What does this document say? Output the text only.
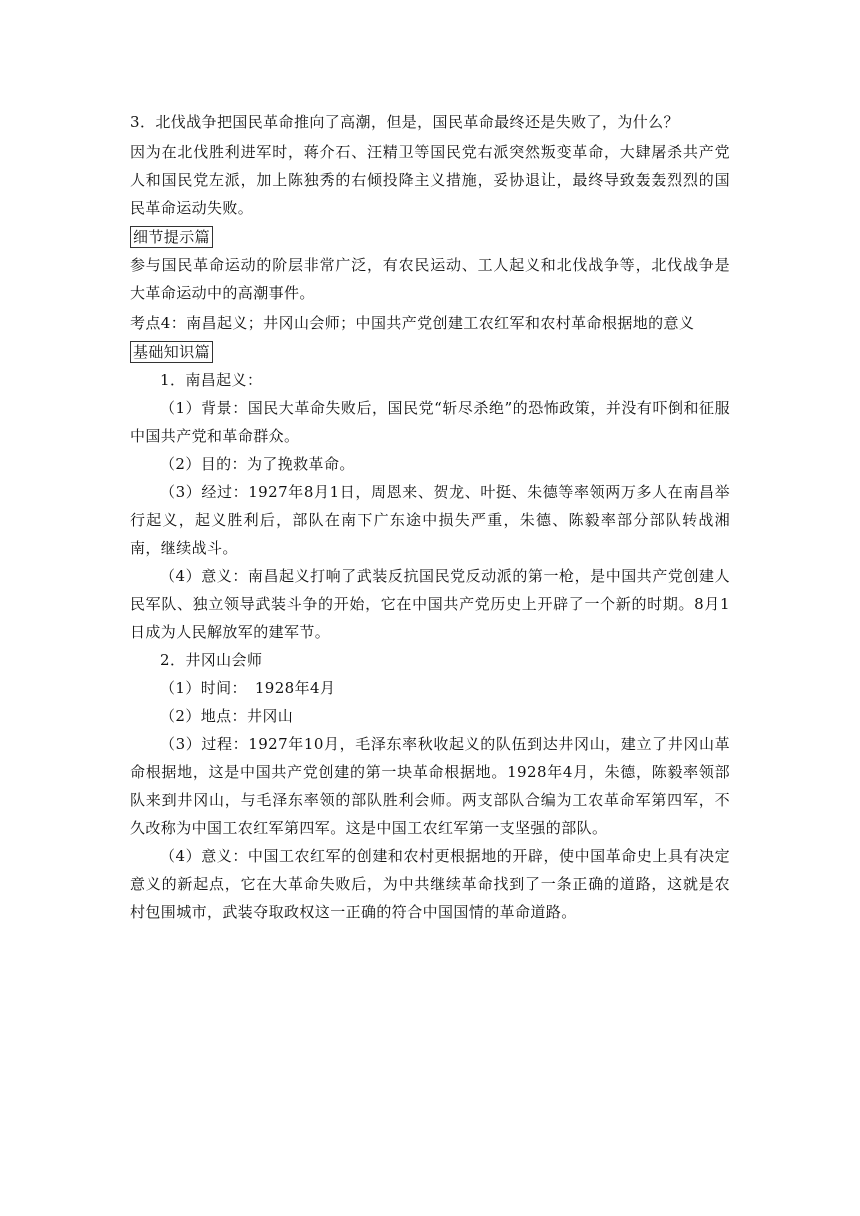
3．北伐战争把国民革命推向了高潮，但是，国民革命最终还是失败了，为什么？

因为在北伐胜利进军时，蒋介石、汪精卫等国民党右派突然叛变革命，大肆屠杀共产党人和国民党左派，加上陈独秀的右倾投降主义措施，妥协退让，最终导致轰轰烈烈的国民革命运动失败。

细节提示篇

参与国民革命运动的阶层非常广泛，有农民运动、工人起义和北伐战争等，北伐战争是大革命运动中的高潮事件。

考点4：南昌起义；井冈山会师；中国共产党创建工农红军和农村革命根据地的意义

基础知识篇

1．南昌起义：

（1）背景：国民大革命失败后，国民党“斩尽杀绝”的恐怖政策，并没有吓倒和征服中国共产党和革命群众。

（2）目的：为了挽救革命。

（3）经过：1927年8月1日，周恩来、贺龙、叶挺、朱德等率领两万多人在南昌举行起义，起义胜利后，部队在南下广东途中损失严重，朱德、陈毅率部分部队转战湘南，继续战斗。

（4）意义：南昌起义打响了武装反抗国民党反动派的第一枪，是中国共产党创建人民军队、独立领导武装斗争的开始，它在中国共产党历史上开辟了一个新的时期。8月1日成为人民解放军的建军节。

2．井冈山会师

（1）时间：　1928年4月

（2）地点：井冈山

（3）过程：1927年10月，毛泽东率秋收起义的队伍到达井冈山，建立了井冈山革命根据地，这是中国共产党创建的第一块革命根据地。1928年4月，朱德，陈毅率领部队来到井冈山，与毛泽东率领的部队胜利会师。两支部队合编为工农革命军第四军，不久改称为中国工农红军第四军。这是中国工农红军第一支坚强的部队。

（4）意义：中国工农红军的创建和农村更根据地的开辟，使中国革命史上具有决定意义的新起点，它在大革命失败后，为中共继续革命找到了一条正确的道路，这就是农村包围城市，武装夺取政权这一正确的符合中国国情的革命道路。
